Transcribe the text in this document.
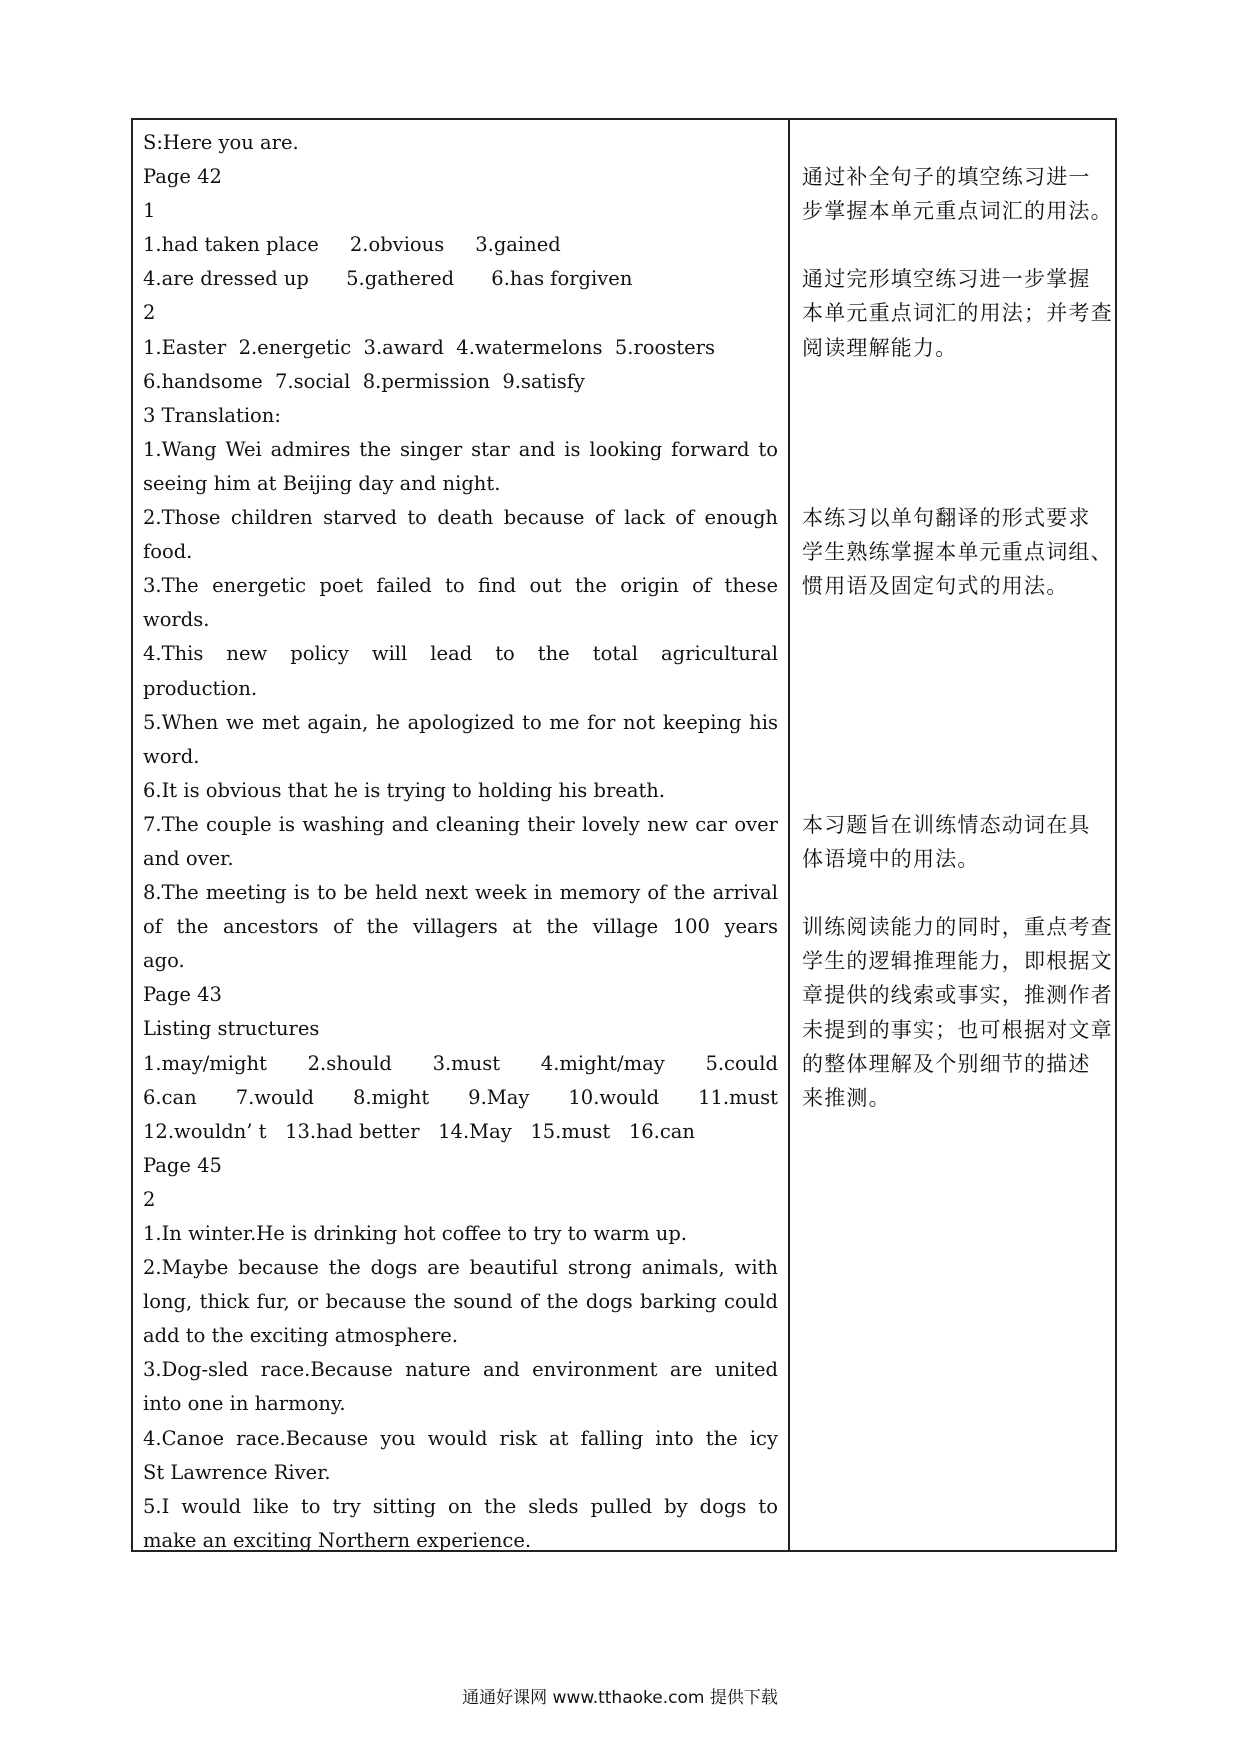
S:Here you are.
Page 42
1
1.had taken place     2.obvious     3.gained
4.are dressed up      5.gathered      6.has forgiven
2
1.Easter  2.energetic  3.award  4.watermelons  5.roosters
6.handsome  7.social  8.permission  9.satisfy
3 Translation:
1.Wang Wei admires the singer star and is looking forward to
seeing him at Beijing day and night.
2.Those children starved to death because of lack of enough
food.
3.The energetic poet failed to find out the origin of these
words.
4.This new policy will lead to the total agricultural
production.
5.When we met again, he apologized to me for not keeping his
word.
6.It is obvious that he is trying to holding his breath.
7.The couple is washing and cleaning their lovely new car over
and over.
8.The meeting is to be held next week in memory of the arrival
of the ancestors of the villagers at the village 100 years
ago.
Page 43
Listing structures
1.may/might 2.should 3.must 4.might/may 5.could
6.can 7.would 8.might 9.May 10.would 11.must
12.wouldn’ t   13.had better   14.May   15.must   16.can
Page 45
2
1.In winter.He is drinking hot coffee to try to warm up.
2.Maybe because the dogs are beautiful strong animals, with
long, thick fur, or because the sound of the dogs barking could
add to the exciting atmosphere.
3.Dog-sled race.Because nature and environment are united
into one in harmony.
4.Canoe race.Because you would risk at falling into the icy
St Lawrence River.
5.I would like to try sitting on the sleds pulled by dogs to
make an exciting Northern experience.
通过补全句子的填空练习进一
步掌握本单元重点词汇的用法。
通过完形填空练习进一步掌握
本单元重点词汇的用法；并考查
阅读理解能力。
本练习以单句翻译的形式要求
学生熟练掌握本单元重点词组、
惯用语及固定句式的用法。
本习题旨在训练情态动词在具
体语境中的用法。
训练阅读能力的同时，重点考查
学生的逻辑推理能力，即根据文
章提供的线索或事实，推测作者
未提到的事实；也可根据对文章
的整体理解及个别细节的描述
来推测。
通通好课网 www.tthaoke.com 提供下载
